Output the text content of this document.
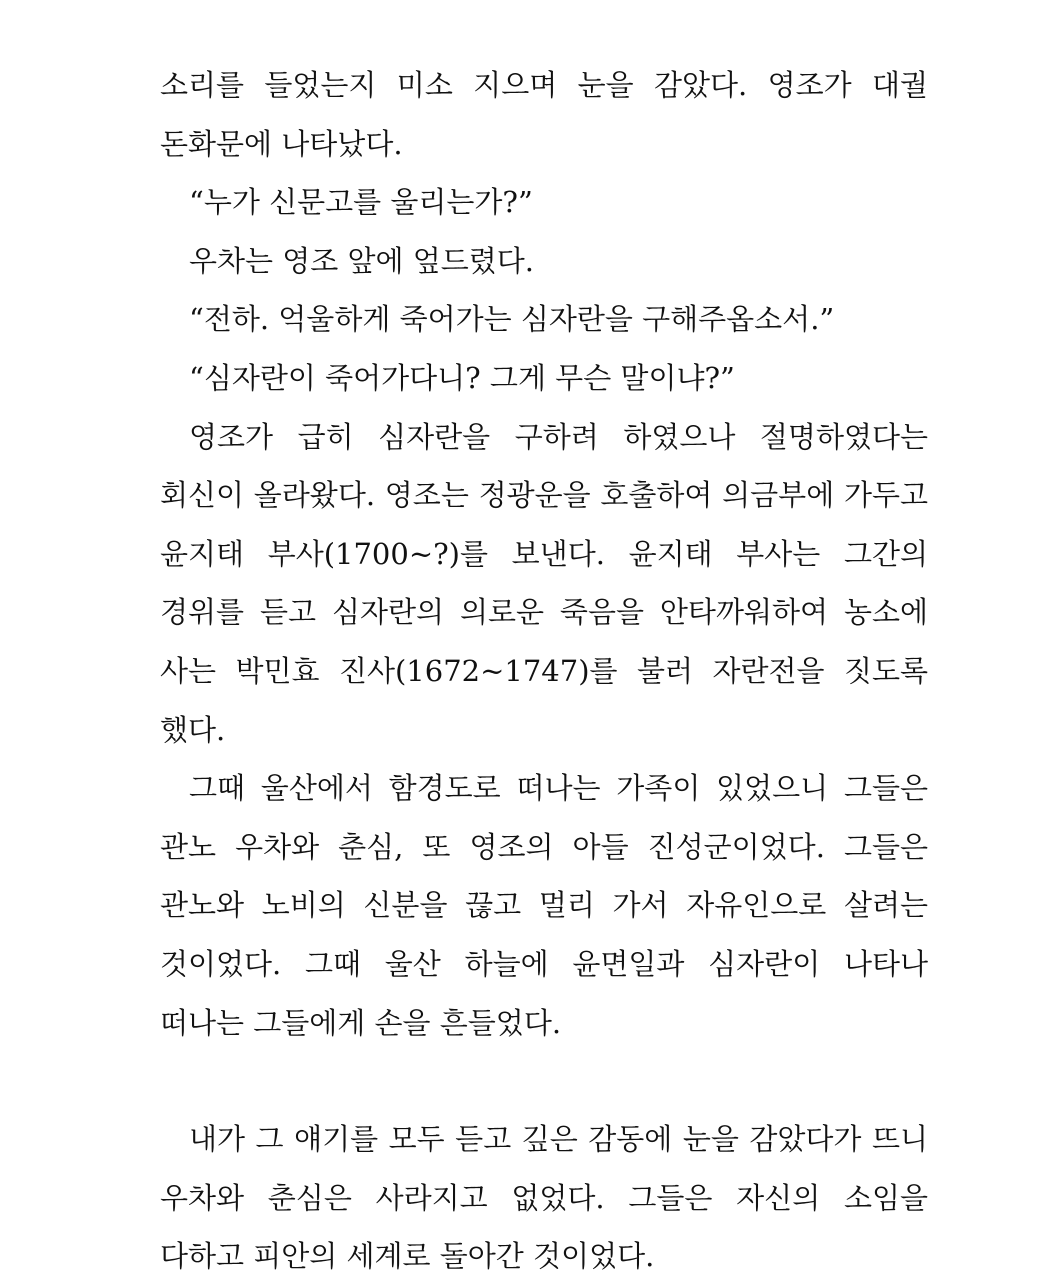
소리를 들었는지 미소 지으며 눈을 감았다. 영조가 대궐 돈화문에 나타났다.

“누가 신문고를 울리는가?”

우차는 영조 앞에 엎드렸다.

“전하. 억울하게 죽어가는 심자란을 구해주옵소서.”

“심자란이 죽어가다니? 그게 무슨 말이냐?”

영조가 급히 심자란을 구하려 하였으나 절명하였다는 회신이 올라왔다. 영조는 정광운을 호출하여 의금부에 가두고 윤지태 부사(1700~?)를 보낸다. 윤지태 부사는 그간의 경위를 듣고 심자란의 의로운 죽음을 안타까워하여 농소에 사는 박민효 진사(1672~1747)를 불러 자란전을 짓도록 했다.

그때 울산에서 함경도로 떠나는 가족이 있었으니 그들은 관노 우차와 춘심, 또 영조의 아들 진성군이었다. 그들은 관노와 노비의 신분을 끊고 멀리 가서 자유인으로 살려는 것이었다. 그때 울산 하늘에 윤면일과 심자란이 나타나 떠나는 그들에게 손을 흔들었다.

내가 그 얘기를 모두 듣고 깊은 감동에 눈을 감았다가 뜨니 우차와 춘심은 사라지고 없었다. 그들은 자신의 소임을 다하고 피안의 세계로 돌아간 것이었다.
